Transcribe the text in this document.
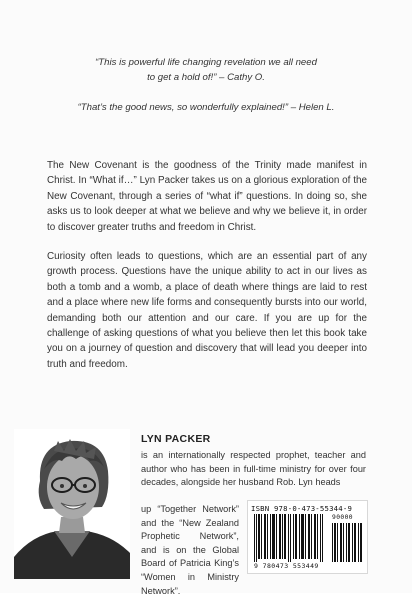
“This is powerful life changing revelation we all need
to get a hold of!” – Cathy O.
“That’s the good news, so wonderfully explained!” – Helen L.
The New Covenant is the goodness of the Trinity made manifest in Christ. In “What if…” Lyn Packer takes us on a glorious exploration of the New Covenant, through a series of “what if” questions. In doing so, she asks us to look deeper at what we believe and why we believe it, in order to discover greater truths and freedom in Christ.
Curiosity often leads to questions, which are an essential part of any growth process. Questions have the unique ability to act in our lives as both a tomb and a womb, a place of death where things are laid to rest and a place where new life forms and consequently bursts into our world, demanding both our attention and our care. If you are up for the challenge of asking questions of what you believe then let this book take you on a journey of question and discovery that will lead you deeper into truth and freedom.
LYN PACKER
is an internationally respected prophet, teacher and author who has been in full-time ministry for over four decades, alongside her husband Rob. Lyn heads
up “Together Network” and the “New Zealand Prophetic Network”, and is on the Global Board of Patricia King’s “Women in Ministry Network”.
ISBN 978-0-473-55344-9
90000
9 780473 553449
